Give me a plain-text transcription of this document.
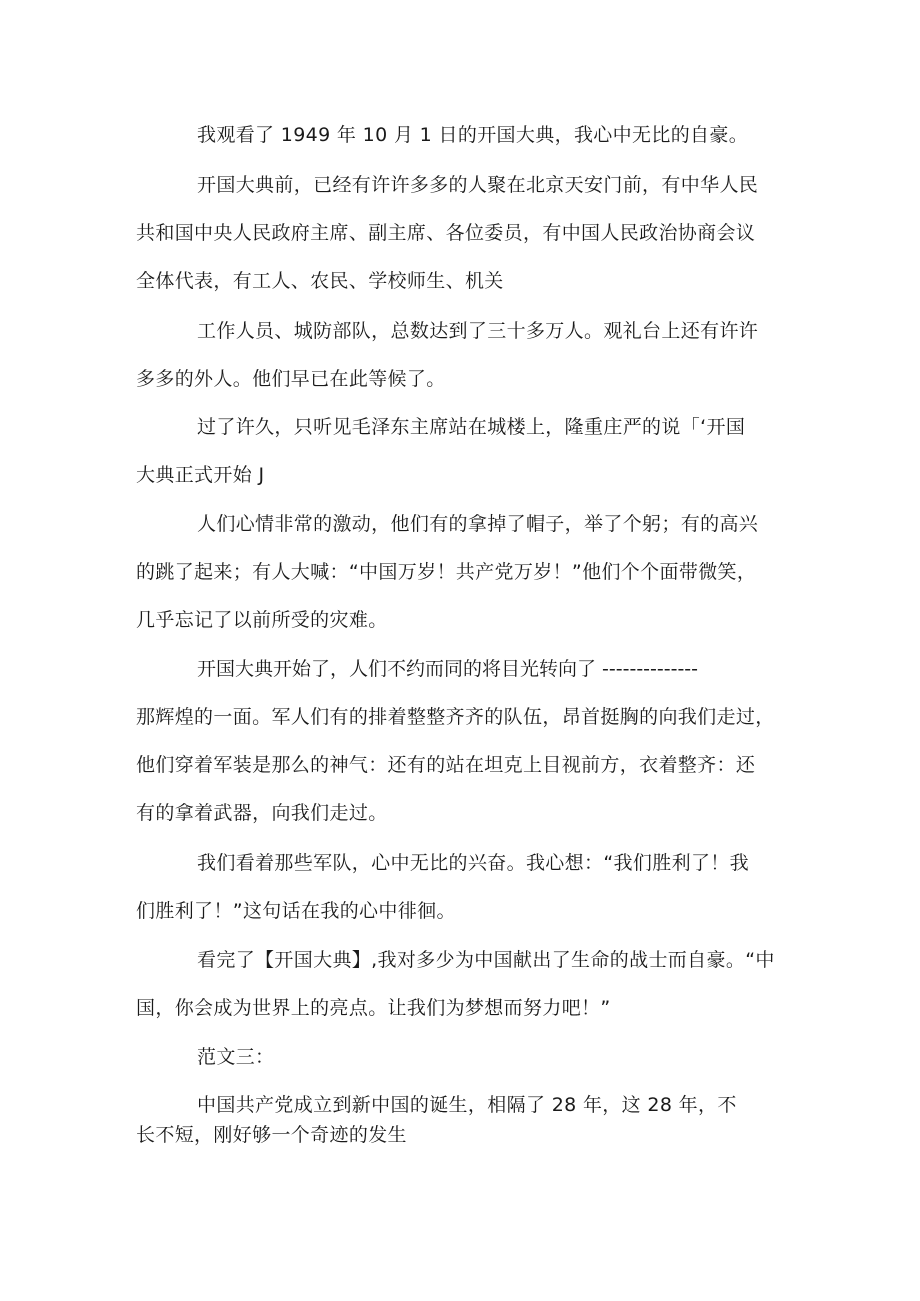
我观看了 1949 年 10 月 1 日的开国大典，我心中无比的自豪。
开国大典前，已经有许许多多的人聚在北京天安门前，有中华人民
共和国中央人民政府主席、副主席、各位委员，有中国人民政治协商会议
全体代表，有工人、农民、学校师生、机关
工作人员、城防部队，总数达到了三十多万人。观礼台上还有许许
多多的外人。他们早已在此等候了。
过了许久，只听见毛泽东主席站在城楼上，隆重庄严的说「‘开国
大典正式开始 J
人们心情非常的激动，他们有的拿掉了帽子，举了个躬；有的高兴
的跳了起来；有人大喊：“中国万岁！共产党万岁！”他们个个面带微笑，
几乎忘记了以前所受的灾难。
开国大典开始了，人们不约而同的将目光转向了 --------------
那辉煌的一面。军人们有的排着整整齐齐的队伍，昂首挺胸的向我们走过，
他们穿着军装是那么的神气：还有的站在坦克上目视前方，衣着整齐：还
有的拿着武器，向我们走过。
我们看着那些军队，心中无比的兴奋。我心想：“我们胜利了！我
们胜利了！”这句话在我的心中徘徊。
看完了【开国大典】,我对多少为中国献出了生命的战士而自豪。“中
国，你会成为世界上的亮点。让我们为梦想而努力吧！”
范文三：
中国共产党成立到新中国的诞生，相隔了 28 年，这 28 年，不
长不短，刚好够一个奇迹的发生
